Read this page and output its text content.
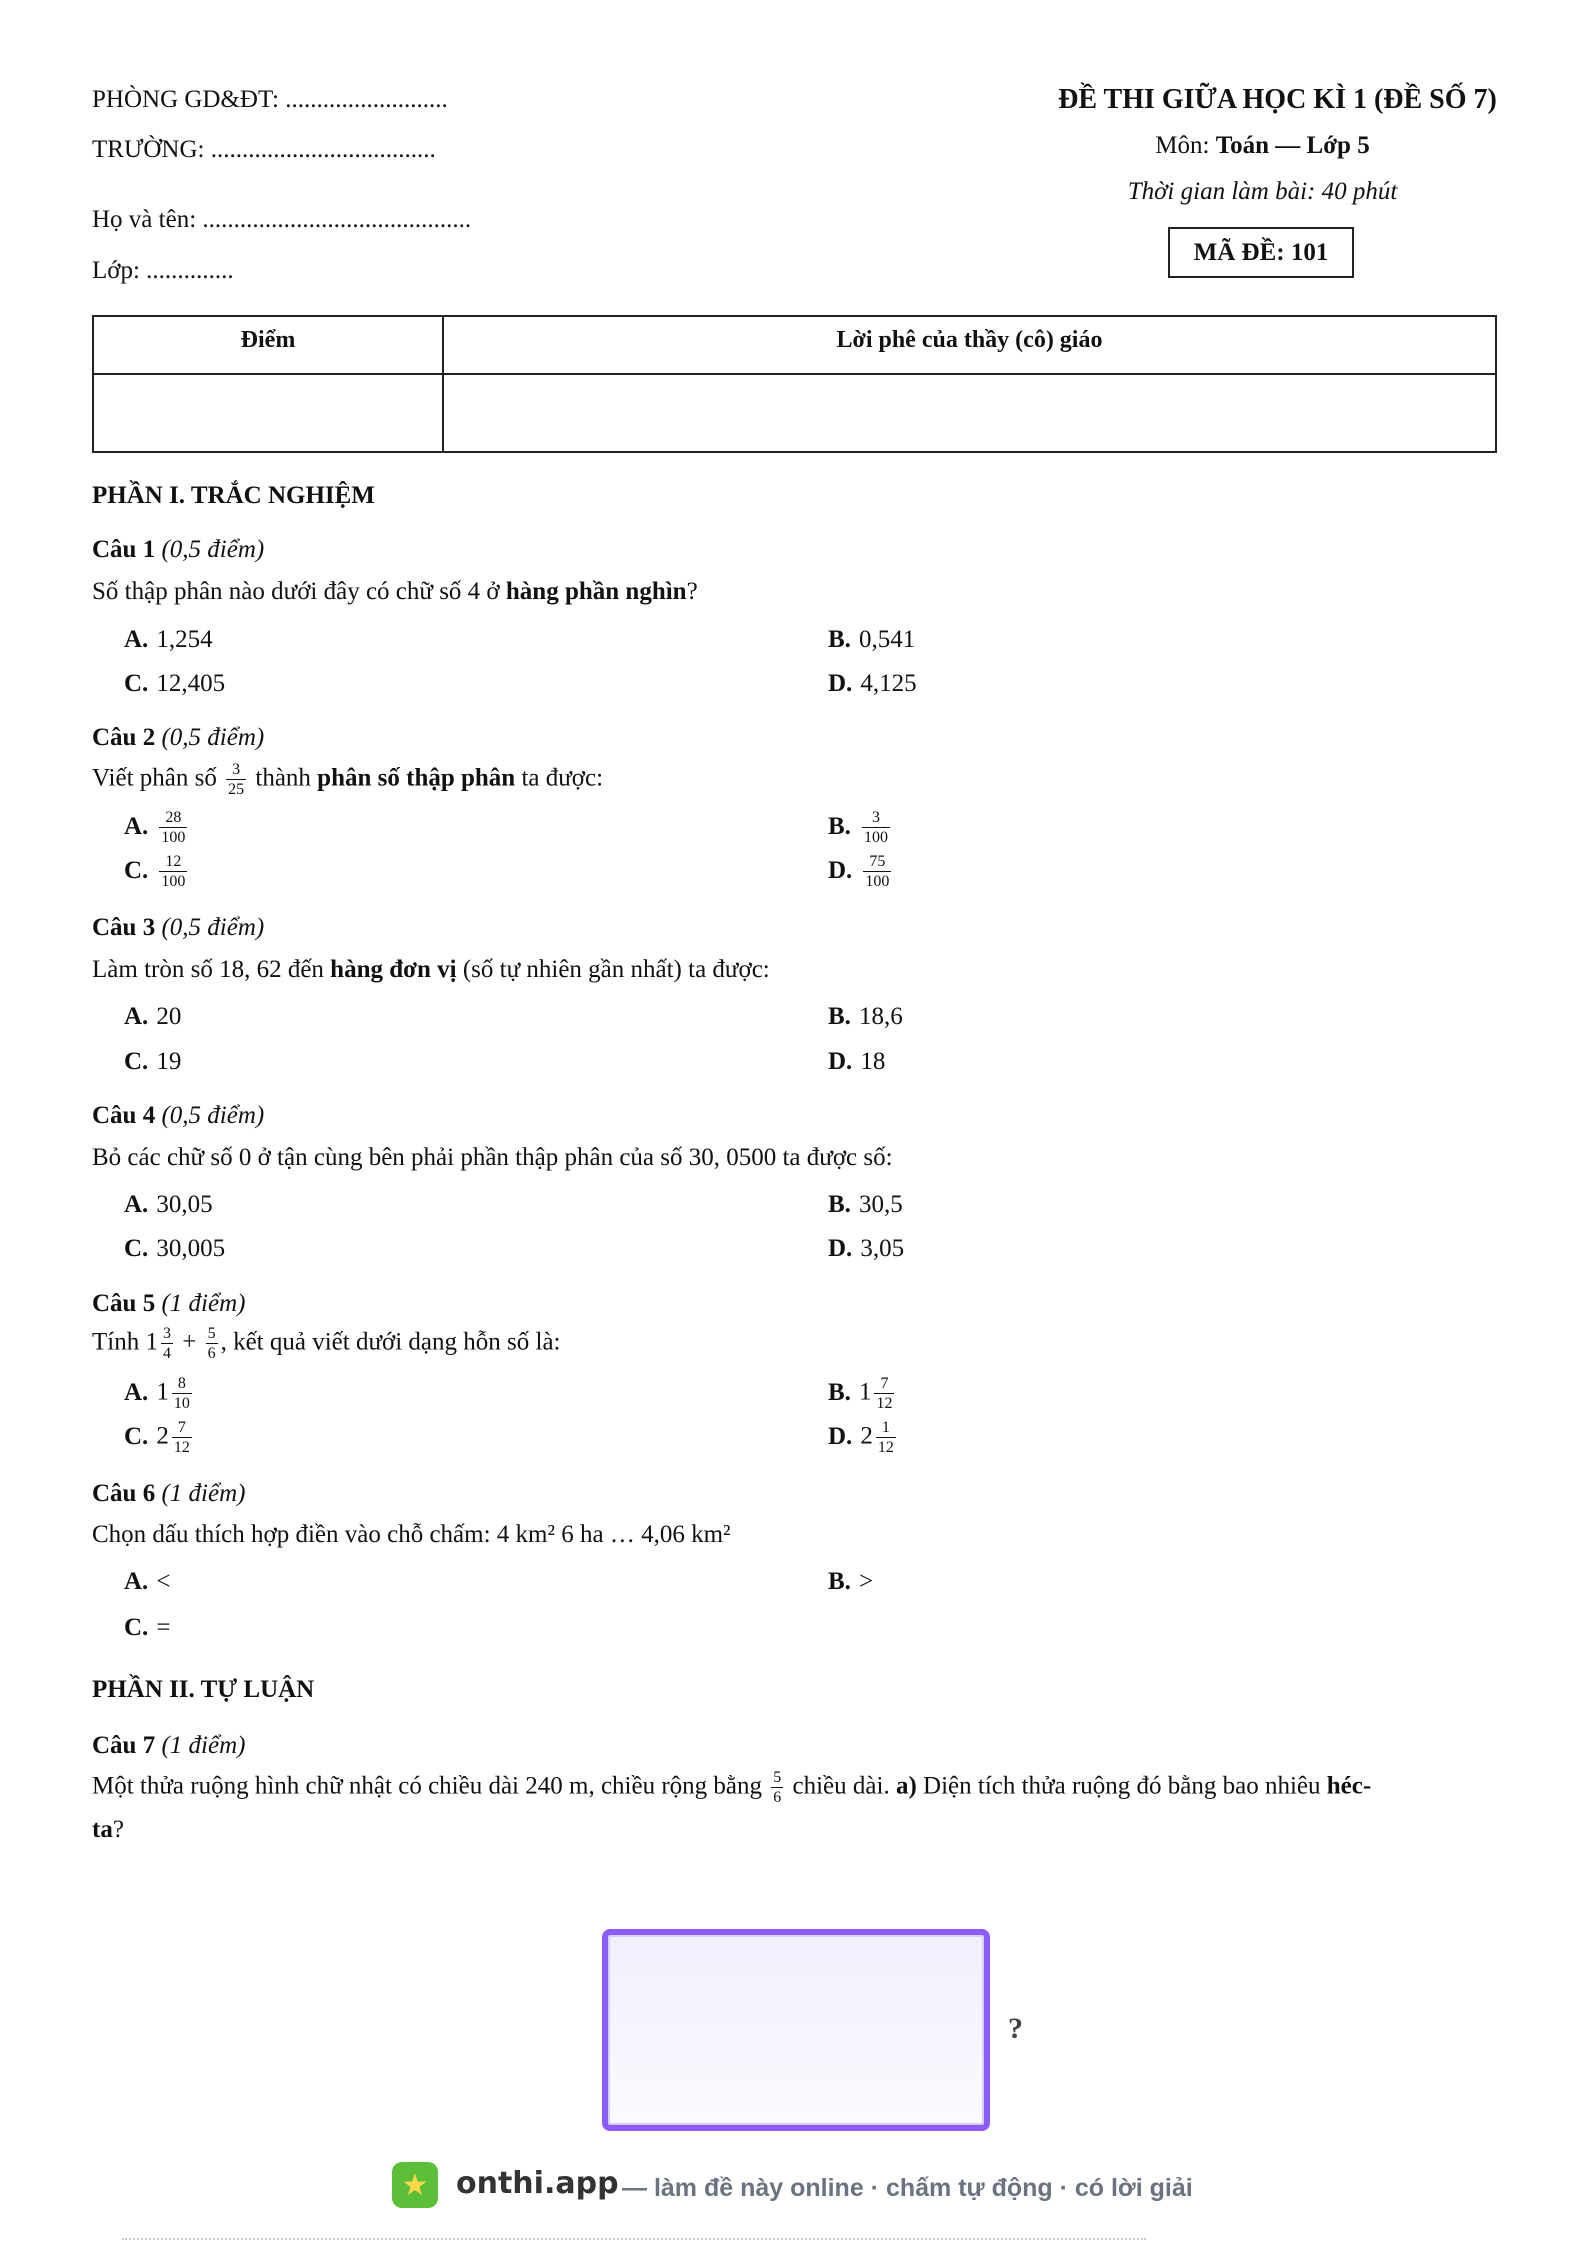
PHÒNG GD&ĐT: ..........................
TRƯỜNG: ....................................
Họ và tên: ...........................................
Lớp: ..............
ĐỀ THI GIỮA HỌC KÌ 1 (ĐỀ SỐ 7)
Môn: Toán — Lớp 5
Thời gian làm bài: 40 phút
MÃ ĐỀ: 101
Điểm	Lời phê của thầy (cô) giáo
PHẦN I. TRẮC NGHIỆM
Câu 1 (0,5 điểm)
Số thập phân nào dưới đây có chữ số 4 ở hàng phần nghìn?
A. 1,254	B. 0,541
C. 12,405	D. 4,125
Câu 2 (0,5 điểm)
Viết phân số $\frac{3}{25}$ thành phân số thập phân ta được:
A. $\frac{28}{100}$	B. $\frac{3}{100}$
C. $\frac{12}{100}$	D. $\frac{75}{100}$
Câu 3 (0,5 điểm)
Làm tròn số 18, 62 đến hàng đơn vị (số tự nhiên gần nhất) ta được:
A. 20	B. 18,6
C. 19	D. 18
Câu 4 (0,5 điểm)
Bỏ các chữ số 0 ở tận cùng bên phải phần thập phân của số 30, 0500 ta được số:
A. 30,05	B. 30,5
C. 30,005	D. 3,05
Câu 5 (1 điểm)
Tính $1 \frac{3}{4} + \frac{5}{6}$ , kết quả viết dưới dạng hỗn số là:
A. $1 \frac{8}{10}$	B. $1 \frac{7}{12}$
C. $2 \frac{7}{12}$	D. $2 \frac{1}{12}$
Câu 6 (1 điểm)
Chọn dấu thích hợp điền vào chỗ chấm: 4 km² 6 ha … 4,06 km²
A. <	B. >
C. =
PHẦN II. TỰ LUẬN
Câu 7 (1 điểm)
Một thửa ruộng hình chữ nhật có chiều dài 240 m, chiều rộng bằng $\frac{5}{6}$ chiều dài. a) Diện tích thửa ruộng đó bằng bao nhiêu héc-
ta?
?
★ onthi.app — làm đề này online · chấm tự động · có lời giải
